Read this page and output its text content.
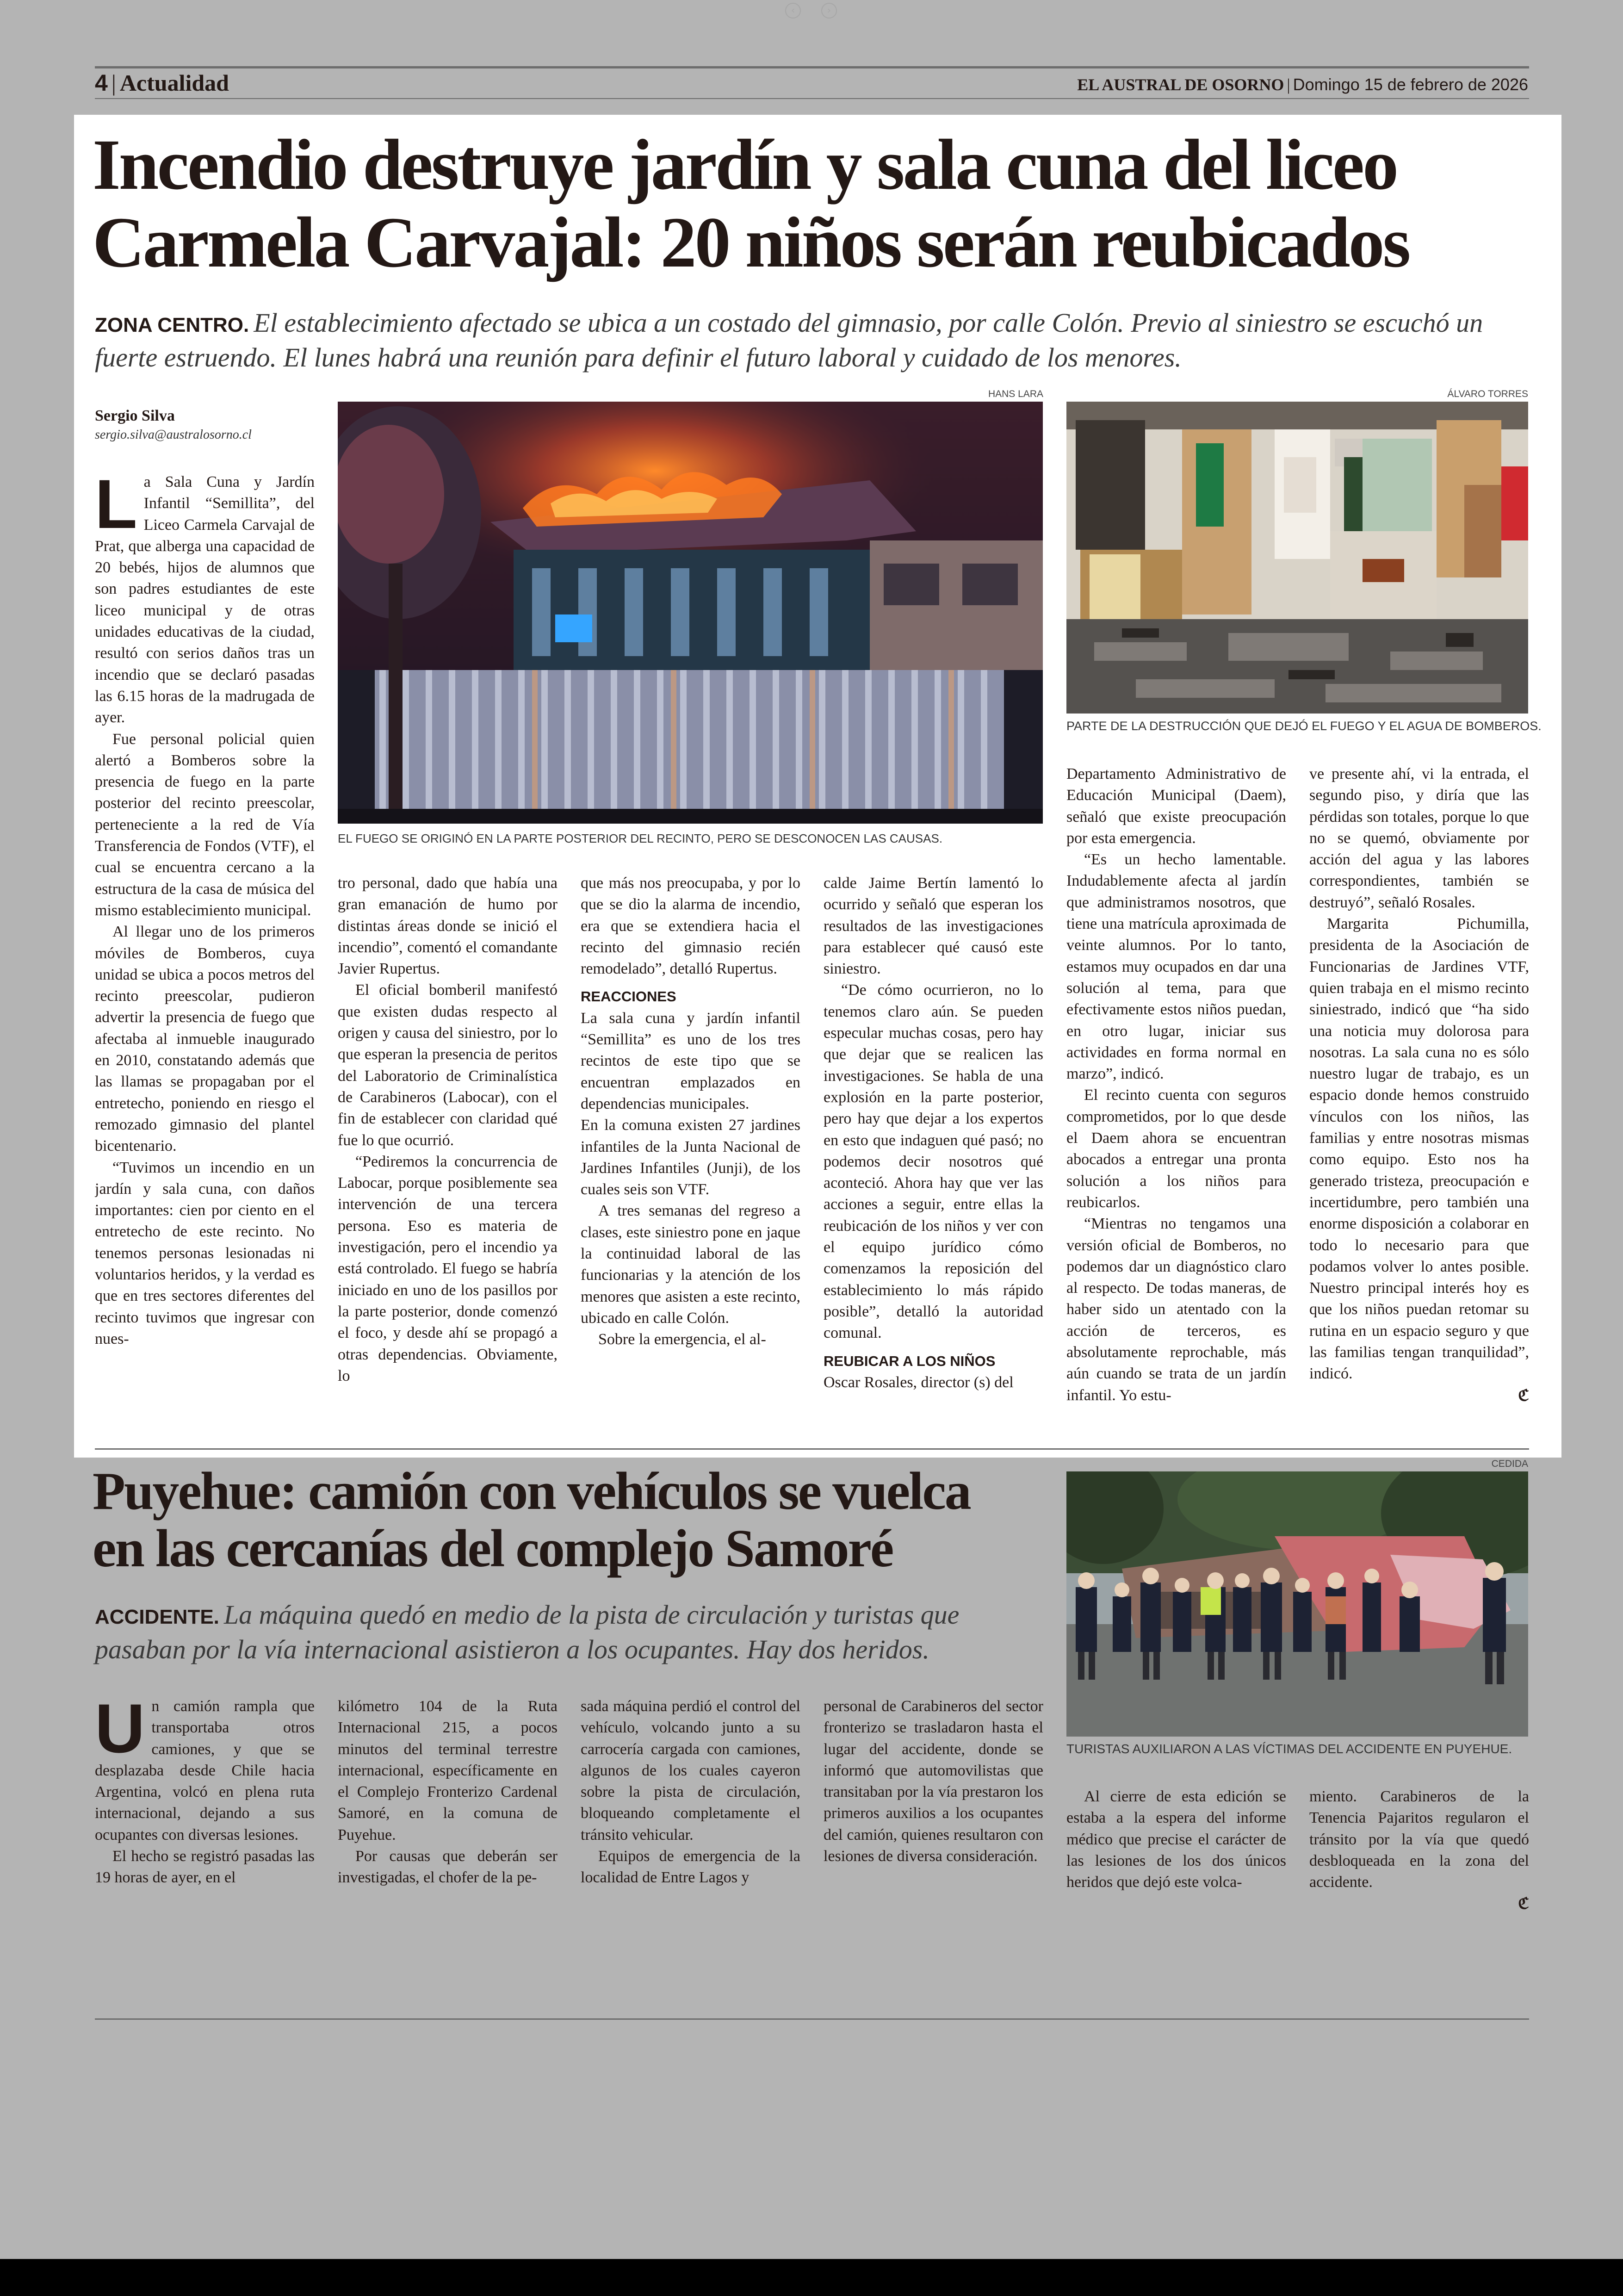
‹	›
4 | Actualidad	EL AUSTRAL DE OSORNO | Domingo 15 de febrero de 2026
Incendio destruye jardín y sala cuna del liceo
Carmela Carvajal: 20 niños serán reubicados
ZONA CENTRO. El establecimiento afectado se ubica a un costado del gimnasio, por calle Colón. Previo al siniestro se escuchó un
fuerte estruendo. El lunes habrá una reunión para definir el futuro laboral y cuidado de los menores.
Sergio Silva
sergio.silva@australosorno.cl
HANS LARA
EL FUEGO SE ORIGINÓ EN LA PARTE POSTERIOR DEL RECINTO, PERO SE DESCONOCEN LAS CAUSAS.
ÁLVARO TORRES
PARTE DE LA DESTRUCCIÓN QUE DEJÓ EL FUEGO Y EL AGUA DE BOMBEROS.

La Sala Cuna y Jardín Infantil “Semillita”, del Liceo Carmela Carvajal de Prat, que alberga una capacidad de 20 bebés, hijos de alumnos que son padres estudiantes de este liceo municipal y de otras unidades educativas de la ciudad, resultó con serios daños tras un incendio que se declaró pasadas las 6.15 horas de la madrugada de ayer.

Fue personal policial quien alertó a Bomberos sobre la presencia de fuego en la parte posterior del recinto preescolar, perteneciente a la red de Vía Transferencia de Fondos (VTF), el cual se encuentra cercano a la estructura de la casa de música del mismo establecimiento municipal.

Al llegar uno de los primeros móviles de Bomberos, cuya unidad se ubica a pocos metros del recinto preescolar, pudieron advertir la presencia de fuego que afectaba al inmueble inaugurado en 2010, constatando además que las llamas se propagaban por el entretecho, poniendo en riesgo el remozado gimnasio del plantel bicentenario.

“Tuvimos un incendio en un jardín y sala cuna, con daños importantes: cien por ciento en el entretecho de este recinto. No tenemos personas lesionadas ni voluntarios heridos, y la verdad es que en tres sectores diferentes del recinto tuvimos que ingresar con nues-

tro personal, dado que había una gran emanación de humo por distintas áreas donde se inició el incendio”, comentó el comandante Javier Rupertus.

El oficial bomberil manifestó que existen dudas respecto al origen y causa del siniestro, por lo que esperan la presencia de peritos del Laboratorio de Criminalística de Carabineros (Labocar), con el fin de establecer con claridad qué fue lo que ocurrió.

“Pediremos la concurrencia de Labocar, porque posiblemente sea intervención de una tercera persona. Eso es materia de investigación, pero el incendio ya está controlado. El fuego se habría iniciado en uno de los pasillos por la parte posterior, donde comenzó el foco, y desde ahí se propagó a otras dependencias. Obviamente, lo

que más nos preocupaba, y por lo que se dio la alarma de incendio, era que se extendiera hacia el recinto del gimnasio recién remodelado”, detalló Rupertus.

REACCIONES

La sala cuna y jardín infantil “Semillita” es uno de los tres recintos de este tipo que se encuentran emplazados en dependencias municipales.

En la comuna existen 27 jardines infantiles de la Junta Nacional de Jardines Infantiles (Junji), de los cuales seis son VTF.

A tres semanas del regreso a clases, este siniestro pone en jaque la continuidad laboral de las funcionarias y la atención de los menores que asisten a este recinto, ubicado en calle Colón.

Sobre la emergencia, el al-

calde Jaime Bertín lamentó lo ocurrido y señaló que esperan los resultados de las investigaciones para establecer qué causó este siniestro.

“De cómo ocurrieron, no lo tenemos claro aún. Se pueden especular muchas cosas, pero hay que dejar que se realicen las investigaciones. Se habla de una explosión en la parte posterior, pero hay que dejar a los expertos en esto que indaguen qué pasó; no podemos decir nosotros qué aconteció. Ahora hay que ver las acciones a seguir, entre ellas la reubicación de los niños y ver con el equipo jurídico cómo comenzamos la reposición del establecimiento lo más rápido posible”, detalló la autoridad comunal.

REUBICAR A LOS NIÑOS

Oscar Rosales, director (s) del

Departamento Administrativo de Educación Municipal (Daem), señaló que existe preocupación por esta emergencia.

“Es un hecho lamentable. Indudablemente afecta al jardín que administramos nosotros, que tiene una matrícula aproximada de veinte alumnos. Por lo tanto, estamos muy ocupados en dar una solución al tema, para que efectivamente estos niños puedan, en otro lugar, iniciar sus actividades en forma normal en marzo”, indicó.

El recinto cuenta con seguros comprometidos, por lo que desde el Daem ahora se encuentran abocados a entregar una pronta solución a los niños para reubicarlos.

“Mientras no tengamos una versión oficial de Bomberos, no podemos dar un diagnóstico claro al respecto. De todas maneras, de haber sido un atentado con la acción de terceros, es absolutamente reprochable, más aún cuando se trata de un jardín infantil. Yo estu-

ve presente ahí, vi la entrada, el segundo piso, y diría que las pérdidas son totales, porque lo que no se quemó, obviamente por acción del agua y las labores correspondientes, también se destruyó”, señaló Rosales.

Margarita Pichumilla, presidenta de la Asociación de Funcionarias de Jardines VTF, quien trabaja en el mismo recinto siniestrado, indicó que “ha sido una noticia muy dolorosa para nosotras. La sala cuna no es sólo nuestro lugar de trabajo, es un espacio donde hemos construido vínculos con los niños, las familias y entre nosotras mismas como equipo. Esto nos ha generado tristeza, preocupación e incertidumbre, pero también una enorme disposición a colaborar en todo lo necesario para que podamos volver lo antes posible. Nuestro principal interés hoy es que los niños puedan retomar su rutina en un espacio seguro y que las familias tengan tranquilidad”, indicó.

ℭ
Puyehue: camión con vehículos se vuelca
en las cercanías del complejo Samoré
ACCIDENTE. La máquina quedó en medio de la pista de circulación y turistas que
pasaban por la vía internacional asistieron a los ocupantes. Hay dos heridos.
CEDIDA
TURISTAS AUXILIARON A LAS VÍCTIMAS DEL ACCIDENTE EN PUYEHUE.

Un camión rampla que transportaba otros camiones, y que se desplazaba desde Chile hacia Argentina, volcó en plena ruta internacional, dejando a sus ocupantes con diversas lesiones.

El hecho se registró pasadas las 19 horas de ayer, en el

kilómetro 104 de la Ruta Internacional 215, a pocos minutos del terminal terrestre internacional, específicamente en el Complejo Fronterizo Cardenal Samoré, en la comuna de Puyehue.

Por causas que deberán ser investigadas, el chofer de la pe-

sada máquina perdió el control del vehículo, volcando junto a su carrocería cargada con camiones, algunos de los cuales cayeron sobre la pista de circulación, bloqueando completamente el tránsito vehicular.

Equipos de emergencia de la localidad de Entre Lagos y

personal de Carabineros del sector fronterizo se trasladaron hasta el lugar del accidente, donde se informó que automovilistas que transitaban por la vía prestaron los primeros auxilios a los ocupantes del camión, quienes resultaron con lesiones de diversa consideración.

Al cierre de esta edición se estaba a la espera del informe médico que precise el carácter de las lesiones de los dos únicos heridos que dejó este volca-

miento. Carabineros de la Tenencia Pajaritos regularon el tránsito por la vía que quedó desbloqueada en la zona del accidente.

ℭ
